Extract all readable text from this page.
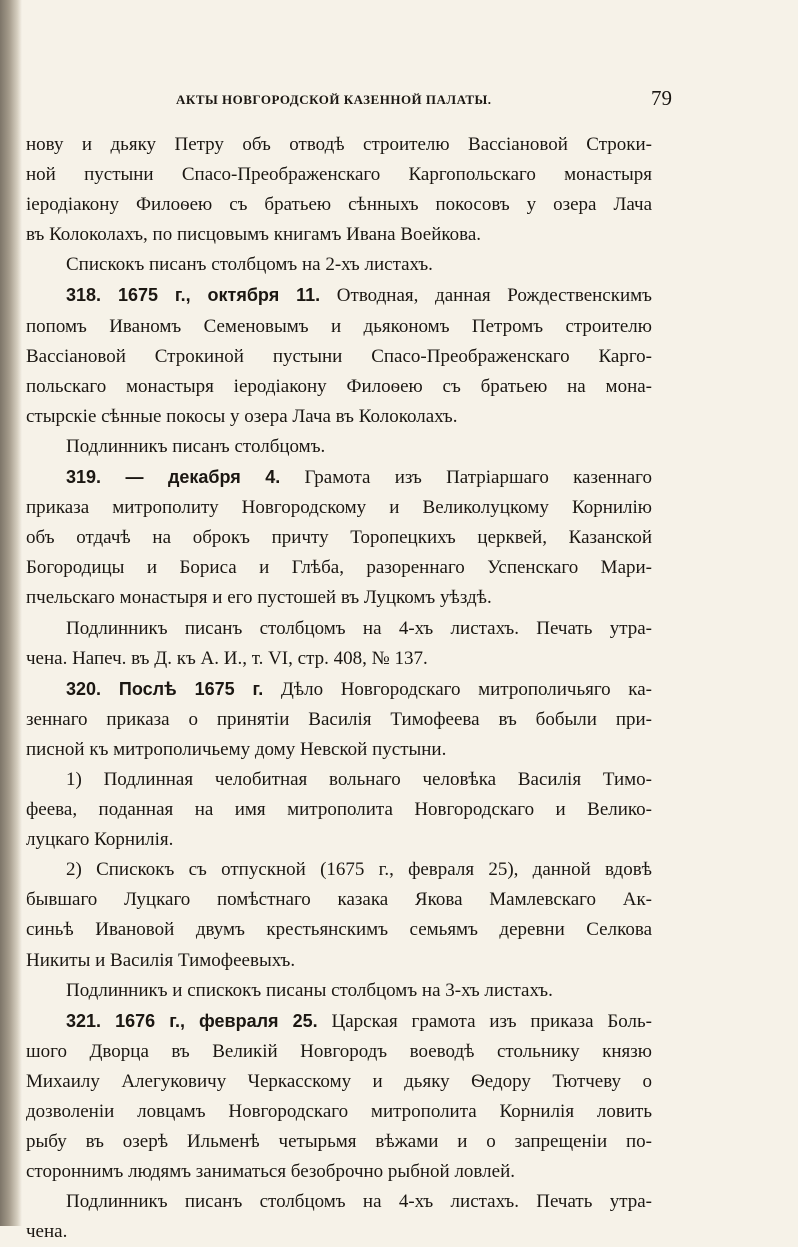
АКТЫ НОВГОРОДСКОЙ КАЗЕННОЙ ПАЛАТЫ.	79

нову и дьяку Петру объ отводѣ строителю Вассіановой Строки-

ной пустыни Спасо-Преображенскаго Каргопольскаго монастыря

іеродіакону Филоѳею съ братьею сѣнныхъ покосовъ у озера Лача

въ Колоколахъ, по писцовымъ книгамъ Ивана Воейкова.

Спискокъ писанъ столбцомъ на 2-хъ листахъ.

318. 1675 г., октября 11. Отводная, данная Рождественскимъ

попомъ Иваномъ Семеновымъ и дьякономъ Петромъ строителю

Вассіановой Строкиной пустыни Спасо-Преображенскаго Карго-

польскаго монастыря іеродіакону Филоѳею съ братьею на мона-

стырскіе сѣнные покосы у озера Лача въ Колоколахъ.

Подлинникъ писанъ столбцомъ.

319. — декабря 4. Грамота изъ Патріаршаго казеннаго

приказа митрополиту Новгородскому и Великолуцкому Корнилію

объ отдачѣ на оброкъ причту Торопецкихъ церквей, Казанской

Богородицы и Бориса и Глѣба, разореннаго Успенскаго Мари-

пчельскаго монастыря и его пустошей въ Луцкомъ уѣздѣ.

Подлинникъ писанъ столбцомъ на 4-хъ листахъ. Печать утра-

чена. Напеч. въ Д. къ А. И., т. VI, стр. 408, № 137.

320. Послѣ 1675 г. Дѣло Новгородскаго митрополичьяго ка-

зеннаго приказа о принятіи Василія Тимофеева въ бобыли при-

писной къ митрополичьему дому Невской пустыни.

1) Подлинная челобитная вольнаго человѣка Василія Тимо-

феева, поданная на имя митрополита Новгородскаго и Велико-

луцкаго Корнилія.

2) Спискокъ съ отпускной (1675 г., февраля 25), данной вдовѣ

бывшаго Луцкаго помѣстнаго казака Якова Мамлевскаго Ак-

синьѣ Ивановой двумъ крестьянскимъ семьямъ деревни Селкова

Никиты и Василія Тимофеевыхъ.

Подлинникъ и спискокъ писаны столбцомъ на 3-хъ листахъ.

321. 1676 г., февраля 25. Царская грамота изъ приказа Боль-

шого Дворца въ Великій Новгородъ воеводѣ стольнику князю

Михаилу Алегуковичу Черкасскому и дьяку Ѳедору Тютчеву о

дозволеніи ловцамъ Новгородскаго митрополита Корнилія ловить

рыбу въ озерѣ Ильменѣ четырьмя вѣжами и о запрещеніи по-

стороннимъ людямъ заниматься безоброчно рыбной ловлей.

Подлинникъ писанъ столбцомъ на 4-хъ листахъ. Печать утра-

чена.
